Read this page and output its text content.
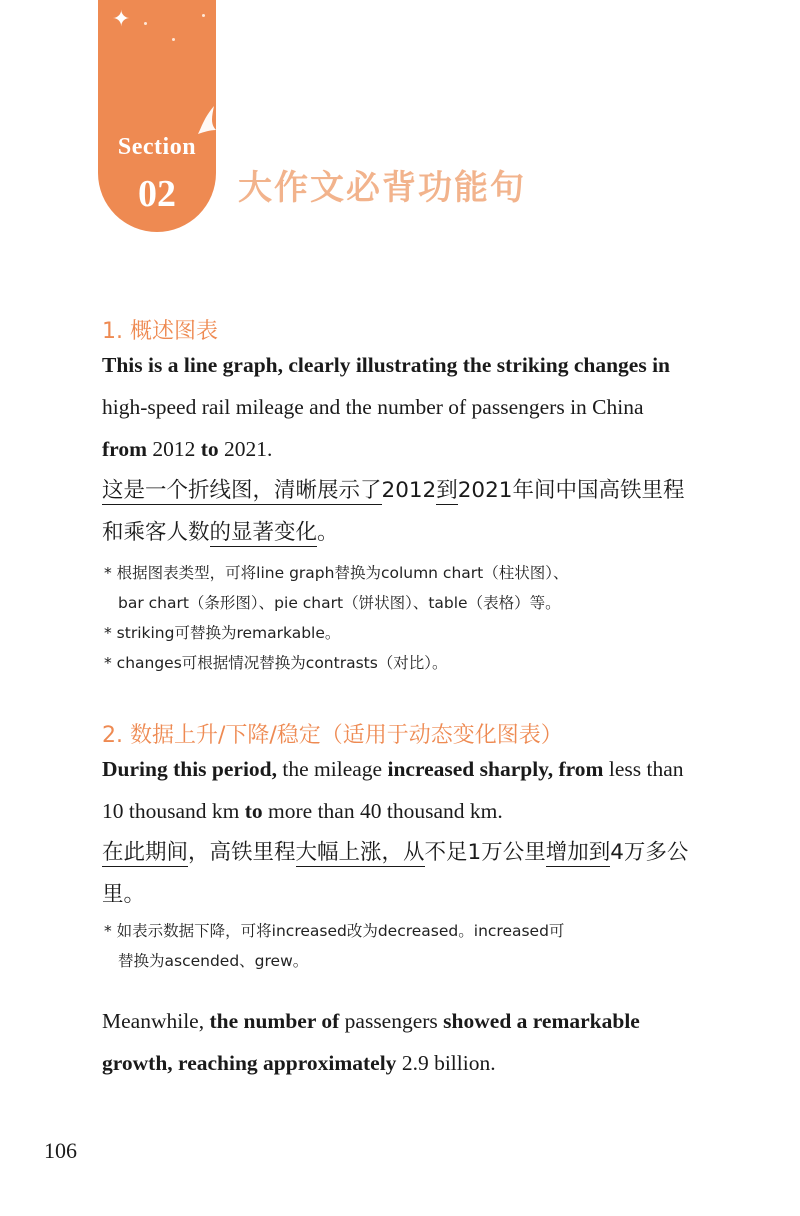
✦
Section
02	大作文必背功能句
1. 概述图表
This is a line graph, clearly illustrating the striking changes in high-speed rail mileage and the number of passengers in China from 2012 to 2021.
这是一个折线图，清晰展示了2012到2021年间中国高铁里程和乘客人数的显著变化。
* 根据图表类型，可将line graph替换为column chart（柱状图）、
bar chart（条形图）、pie chart（饼状图）、table（表格）等。
* striking可替换为remarkable。
* changes可根据情况替换为contrasts（对比）。
2. 数据上升/下降/稳定（适用于动态变化图表）
During this period, the mileage increased sharply, from less than 10 thousand km to more than 40 thousand km.
在此期间，高铁里程大幅上涨，从不足1万公里增加到4万多公里。
* 如表示数据下降，可将increased改为decreased。increased可
替换为ascended、grew。
Meanwhile, the number of passengers showed a remarkable growth, reaching approximately 2.9 billion.
106
